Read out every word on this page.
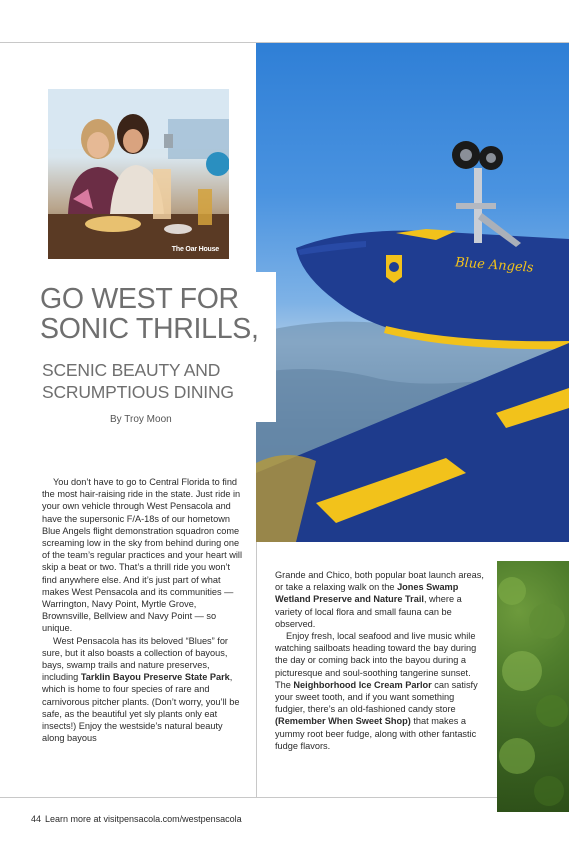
Blue Angels
The Oar House
GO WEST FOR
SONIC THRILLS,
SCENIC BEAUTY AND
SCRUMPTIOUS DINING
By Troy Moon

You don’t have to go to Central Florida to find the most hair-raising ride in the state. Just ride in your own vehicle through West Pensacola and have the supersonic F/A-18s of our hometown Blue Angels flight demonstration squadron come screaming low in the sky from behind during one of the team’s regular practices and your heart will skip a beat or two. That’s a thrill ride you won’t find anywhere else. And it’s just part of what makes West Pensacola and its communities — Warrington, Navy Point, Myrtle Grove, Brownsville, Bellview and Navy Point — so unique.

West Pensacola has its beloved “Blues” for sure, but it also boasts a collection of bayous, bays, swamp trails and nature preserves, including Tarklin Bayou Preserve State Park, which is home to four species of rare and carnivorous pitcher plants. (Don’t worry, you’ll be safe, as the beautiful yet sly plants only eat insects!) Enjoy the westside’s natural beauty along bayous

Grande and Chico, both popular boat launch areas, or take a relaxing walk on the Jones Swamp Wetland Preserve and Nature Trail, where a variety of local flora and small fauna can be observed.

Enjoy fresh, local seafood and live music while watching sailboats heading toward the bay during the day or coming back into the bayou during a picturesque and soul-soothing tangerine sunset. The Neighborhood Ice Cream Parlor can satisfy your sweet tooth, and if you want something fudgier, there’s an old-fashioned candy store (Remember When Sweet Shop) that makes a yummy root beer fudge, along with other fantastic fudge flavors.

44 Learn more at visitpensacola.com/westpensacola
